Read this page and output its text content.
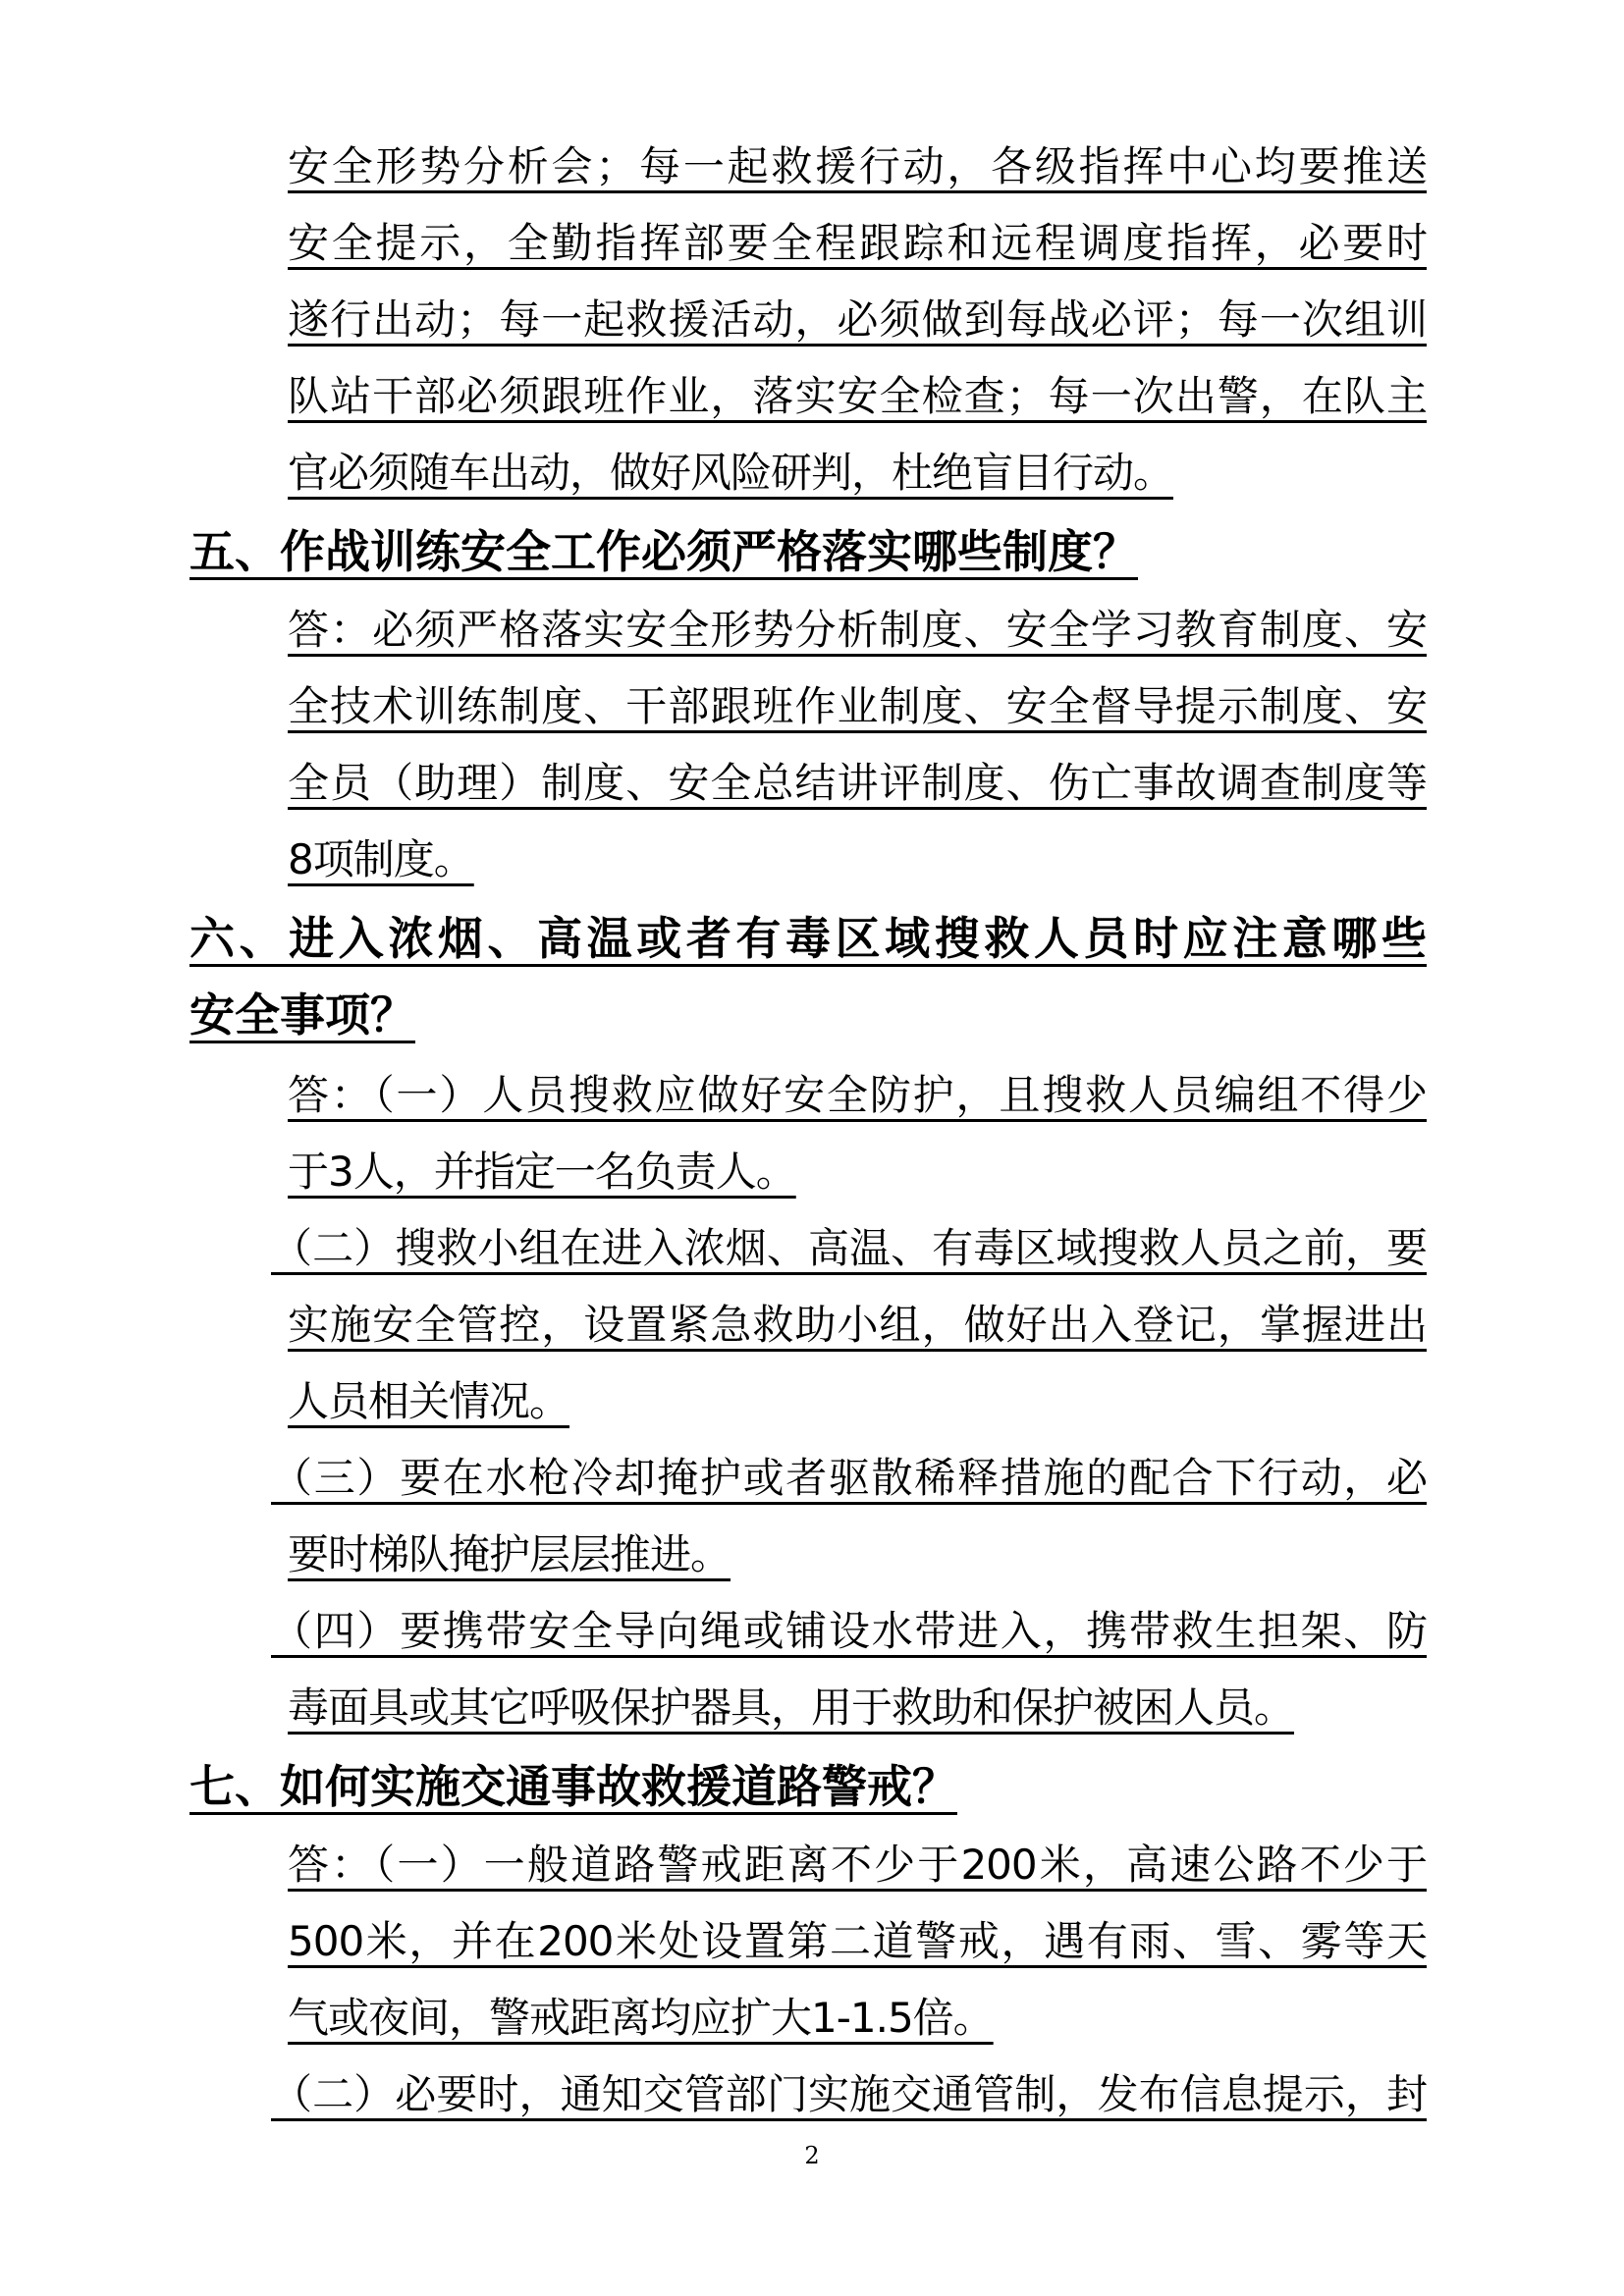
安全形势分析会；每一起救援行动，各级指挥中心均要推送

安全提示，全勤指挥部要全程跟踪和远程调度指挥，必要时

遂行出动；每一起救援活动，必须做到每战必评；每一次组训

队站干部必须跟班作业，落实安全检查；每一次出警，在队主

官必须随车出动，做好风险研判，杜绝盲目行动。

五、作战训练安全工作必须严格落实哪些制度？

答：必须严格落实安全形势分析制度、安全学习教育制度、安

全技术训练制度、干部跟班作业制度、安全督导提示制度、安

全员（助理）制度、安全总结讲评制度、伤亡事故调查制度等

8项制度。

六、进入浓烟、高温或者有毒区域搜救人员时应注意哪些
安全事项？

答：（一）人员搜救应做好安全防护，且搜救人员编组不得少

于3人，并指定一名负责人。

（二）搜救小组在进入浓烟、高温、有毒区域搜救人员之前，要

实施安全管控，设置紧急救助小组，做好出入登记，掌握进出

人员相关情况。

（三）要在水枪冷却掩护或者驱散稀释措施的配合下行动，必

要时梯队掩护层层推进。

（四）要携带安全导向绳或铺设水带进入，携带救生担架、防

毒面具或其它呼吸保护器具，用于救助和保护被困人员。

七、如何实施交通事故救援道路警戒？

答：（一）一般道路警戒距离不少于200米，高速公路不少于

500米，并在200米处设置第二道警戒，遇有雨、雪、雾等天

气或夜间，警戒距离均应扩大1-1.5倍。

（二）必要时，通知交管部门实施交通管制，发布信息提示，封

2
